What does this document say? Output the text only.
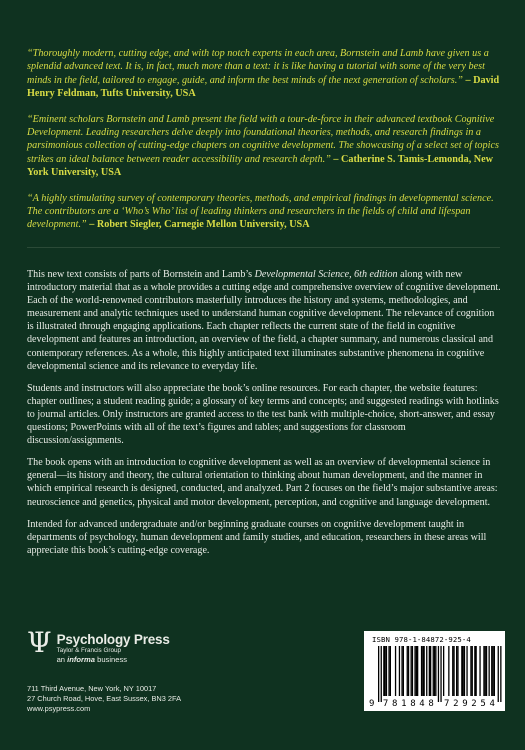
“Thoroughly modern, cutting edge, and with top notch experts in each area, Bornstein and Lamb have given us a splendid advanced text. It is, in fact, much more than a text: it is like having a tutorial with some of the very best minds in the field, tailored to engage, guide, and inform the best minds of the next generation of scholars.” – David Henry Feldman, Tufts University, USA

“Eminent scholars Bornstein and Lamb present the field with a tour-de-force in their advanced textbook Cognitive Development. Leading researchers delve deeply into foundational theories, methods, and research findings in a parsimonious collection of cutting-edge chapters on cognitive development. The showcasing of a select set of topics strikes an ideal balance between reader accessibility and research depth.” – Catherine S. Tamis-Lemonda, New York University, USA

“A highly stimulating survey of contemporary theories, methods, and empirical findings in developmental science. The contributors are a ‘Who’s Who’ list of leading thinkers and researchers in the fields of child and lifespan development.” – Robert Siegler, Carnegie Mellon University, USA

This new text consists of parts of Bornstein and Lamb’s Developmental Science, 6th edition along with new introductory material that as a whole provides a cutting edge and comprehensive overview of cognitive development. Each of the world-renowned contributors masterfully introduces the history and systems, methodologies, and measurement and analytic techniques used to understand human cognitive development. The relevance of cognition is illustrated through engaging applications. Each chapter reflects the current state of the field in cognitive development and features an introduction, an overview of the field, a chapter summary, and numerous classical and contemporary references. As a whole, this highly anticipated text illuminates substantive phenomena in cognitive developmental science and its relevance to everyday life.

Students and instructors will also appreciate the book’s online resources. For each chapter, the website features: chapter outlines; a student reading guide; a glossary of key terms and concepts; and suggested readings with hotlinks to journal articles. Only instructors are granted access to the test bank with multiple-choice, short-answer, and essay questions; PowerPoints with all of the text’s figures and tables; and suggestions for classroom discussion/assignments.

The book opens with an introduction to cognitive development as well as an overview of developmental science in general—its history and theory, the cultural orientation to thinking about human development, and the manner in which empirical research is designed, conducted, and analyzed. Part 2 focuses on the field’s major substantive areas: neuroscience and genetics, physical and motor development, perception, and cognitive and language development.

Intended for advanced undergraduate and/or beginning graduate courses on cognitive development taught in departments of psychology, human development and family studies, and education, researchers in these areas will appreciate this book’s cutting-edge coverage.

Ψ Psychology Press
Taylor & Francis Group
an informa business
711 Third Avenue, New York, NY 10017
27 Church Road, Hove, East Sussex, BN3 2FA
www.psypress.com
ISBN 978-1-84872-925-4
9 7 8 1 8 4 8 7 2 9 2 5 4
